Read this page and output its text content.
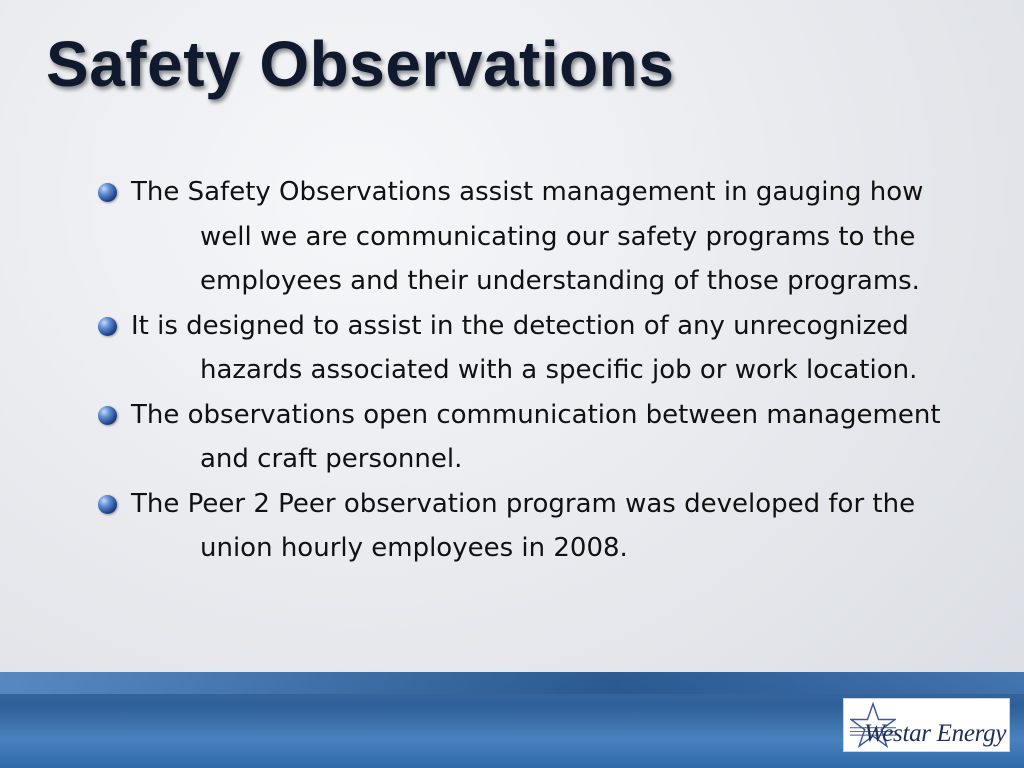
Safety Observations
The Safety Observations assist management in gauging how well we are communicating our safety programs to the employees and their understanding of those programs.
It is designed to assist in the detection of any unrecognized hazards associated with a specific job or work location.
The observations open communication between management and craft personnel.
The Peer 2 Peer observation program was developed for the union hourly employees in 2008.
Westar Energy
